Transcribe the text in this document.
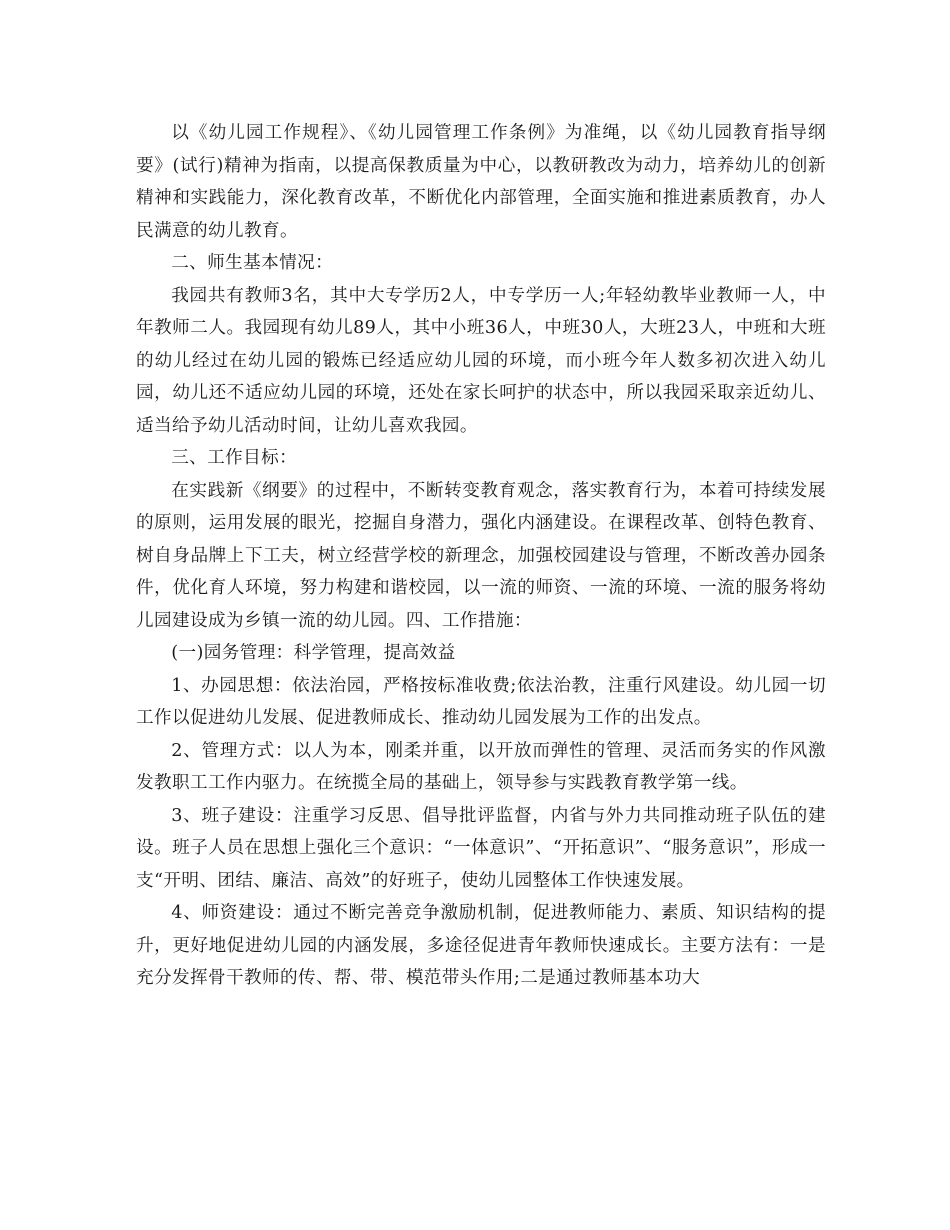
以《幼儿园工作规程》、《幼儿园管理工作条例》为准绳，以《幼儿园教育指导纲要》(试行)精神为指南，以提高保教质量为中心，以教研教改为动力，培养幼儿的创新精神和实践能力，深化教育改革，不断优化内部管理，全面实施和推进素质教育，办人民满意的幼儿教育。

二、师生基本情况：

我园共有教师3名，其中大专学历2人，中专学历一人;年轻幼教毕业教师一人，中年教师二人。我园现有幼儿89人，其中小班36人，中班30人，大班23人，中班和大班的幼儿经过在幼儿园的锻炼已经适应幼儿园的环境，而小班今年人数多初次进入幼儿园，幼儿还不适应幼儿园的环境，还处在家长呵护的状态中，所以我园采取亲近幼儿、适当给予幼儿活动时间，让幼儿喜欢我园。

三、工作目标：

在实践新《纲要》的过程中，不断转变教育观念，落实教育行为，本着可持续发展的原则，运用发展的眼光，挖掘自身潜力，强化内涵建设。在课程改革、创特色教育、树自身品牌上下工夫，树立经营学校的新理念，加强校园建设与管理，不断改善办园条件，优化育人环境，努力构建和谐校园，以一流的师资、一流的环境、一流的服务将幼儿园建设成为乡镇一流的幼儿园。四、工作措施：

(一)园务管理：科学管理，提高效益

1、办园思想：依法治园，严格按标准收费;依法治教，注重行风建设。幼儿园一切工作以促进幼儿发展、促进教师成长、推动幼儿园发展为工作的出发点。

2、管理方式：以人为本，刚柔并重，以开放而弹性的管理、灵活而务实的作风激发教职工工作内驱力。在统揽全局的基础上，领导参与实践教育教学第一线。

3、班子建设：注重学习反思、倡导批评监督，内省与外力共同推动班子队伍的建设。班子人员在思想上强化三个意识：“一体意识”、“开拓意识”、“服务意识”，形成一支“开明、团结、廉洁、高效”的好班子，使幼儿园整体工作快速发展。

4、师资建设：通过不断完善竞争激励机制，促进教师能力、素质、知识结构的提升，更好地促进幼儿园的内涵发展，多途径促进青年教师快速成长。主要方法有：一是充分发挥骨干教师的传、帮、带、模范带头作用;二是通过教师基本功大
